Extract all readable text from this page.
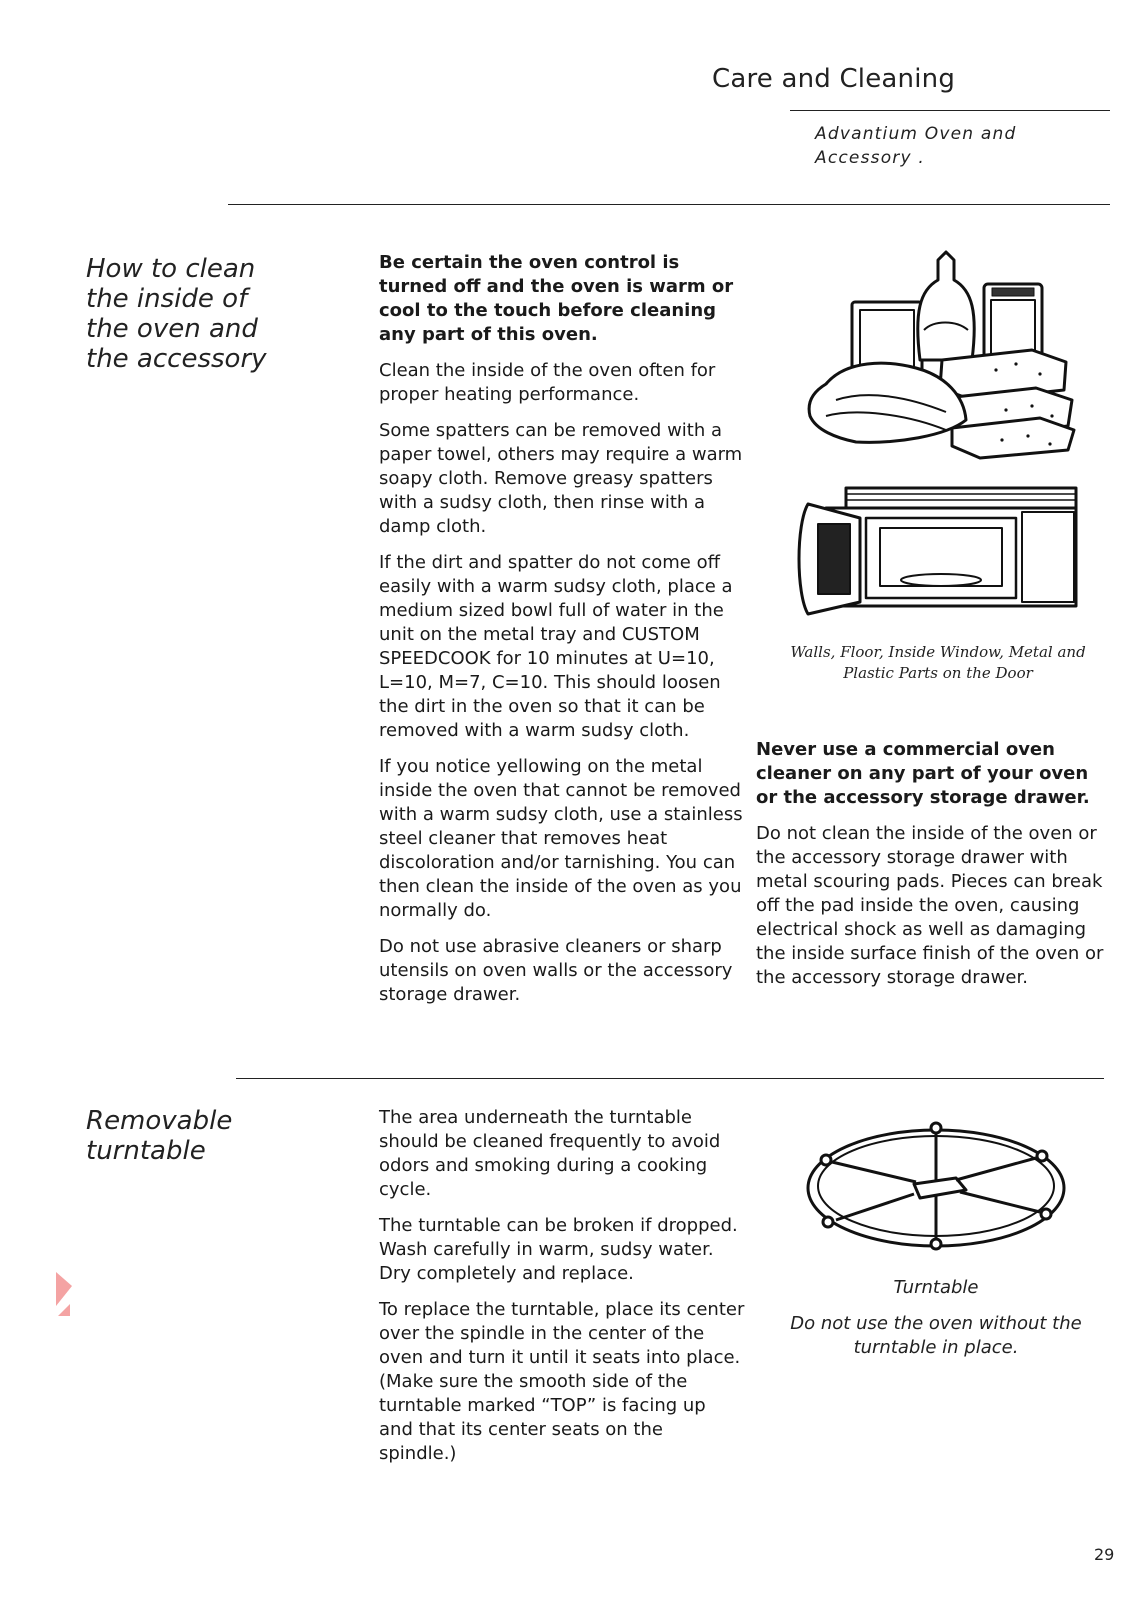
Care and Cleaning
Advantium Oven and
Accessory .
How to clean
the inside of
the oven and
the accessory

Be certain the oven control is turned off and the oven is warm or cool to the touch before cleaning any part of this oven.

Clean the inside of the oven often for proper heating performance.

Some spatters can be removed with a paper towel, others may require a warm soapy cloth. Remove greasy spatters with a sudsy cloth, then rinse with a damp cloth.

If the dirt and spatter do not come off easily with a warm sudsy cloth, place a medium sized bowl full of water in the unit on the metal tray and CUSTOM SPEEDCOOK for 10 minutes at U=10, L=10, M=7, C=10. This should loosen the dirt in the oven so that it can be removed with a warm sudsy cloth.

If you notice yellowing on the metal inside the oven that cannot be removed with a warm sudsy cloth, use a stainless steel cleaner that removes heat discoloration and/or tarnishing. You can then clean the inside of the oven as you normally do.

Do not use abrasive cleaners or sharp utensils on oven walls or the accessory storage drawer.

Walls, Floor, Inside Window, Metal and Plastic Parts on the Door

Never use a commercial oven cleaner on any part of your oven or the accessory storage drawer.

Do not clean the inside of the oven or the accessory storage drawer with metal scouring pads. Pieces can break off the pad inside the oven, causing electrical shock as well as damaging the inside surface finish of the oven or the accessory storage drawer.

Removable
turntable

The area underneath the turntable should be cleaned frequently to avoid odors and smoking during a cooking cycle.

The turntable can be broken if dropped. Wash carefully in warm, sudsy water. Dry completely and replace.

To replace the turntable, place its center over the spindle in the center of the oven and turn it until it seats into place. (Make sure the smooth side of the turntable marked “TOP” is facing up and that its center seats on the spindle.)

Turntable
Do not use the oven without the turntable in place.
29
